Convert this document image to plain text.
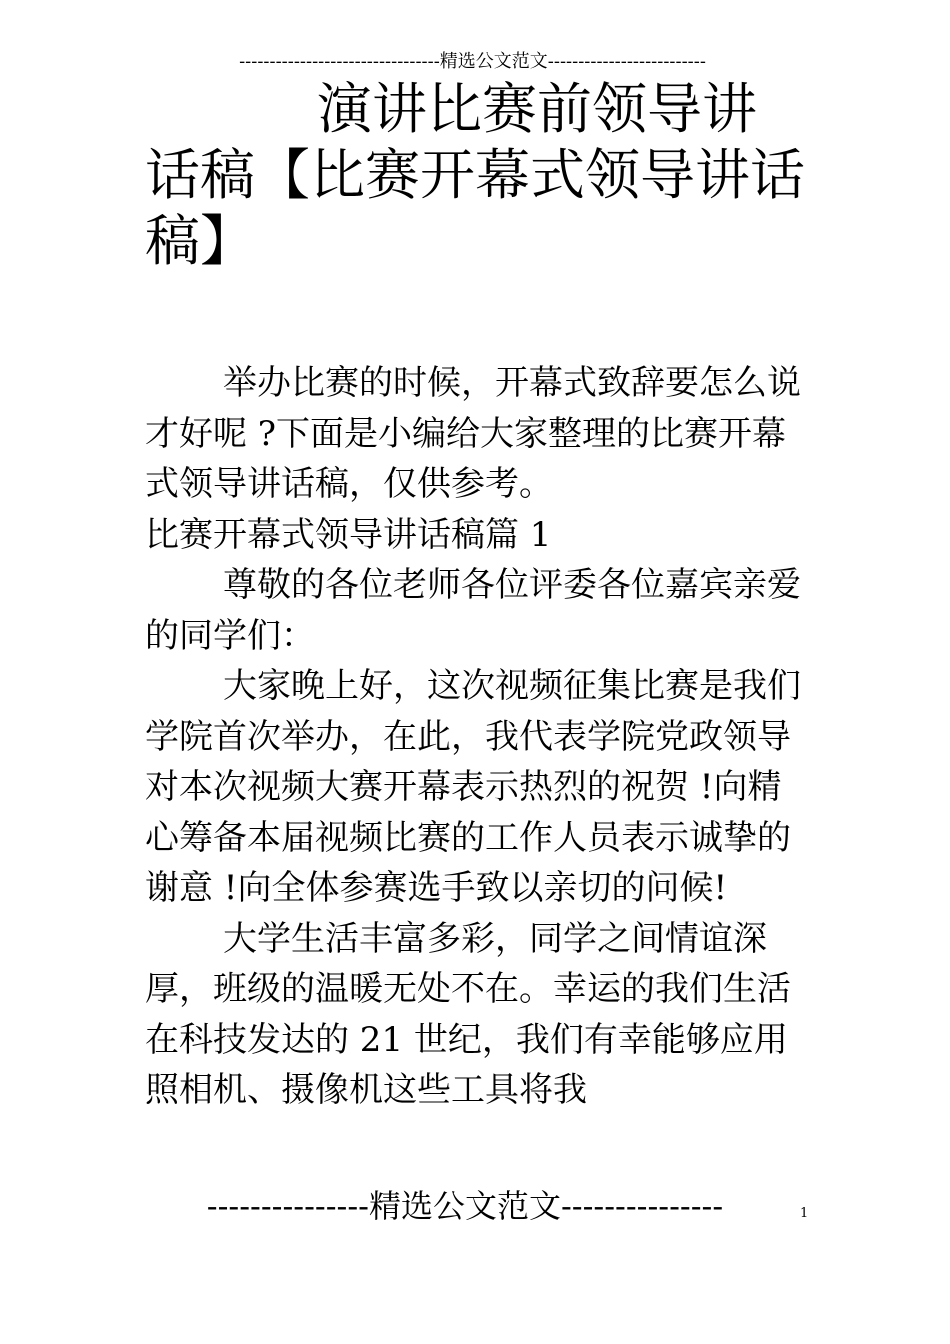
---------------------------------精选公文范文--------------------------
演讲比赛前领导讲话稿【比赛开幕式领导讲话稿】

举办比赛的时候，开幕式致辞要怎么说才好呢 ?下面是小编给大家整理的比赛开幕式领导讲话稿，仅供参考。

比赛开幕式领导讲话稿篇 1

尊敬的各位老师各位评委各位嘉宾亲爱的同学们：

大家晚上好，这次视频征集比赛是我们学院首次举办，在此，我代表学院党政领导对本次视频大赛开幕表示热烈的祝贺 !向精心筹备本届视频比赛的工作人员表示诚挚的谢意 !向全体参赛选手致以亲切的问候!

大学生活丰富多彩，同学之间情谊深厚，班级的温暖无处不在。幸运的我们生活在科技发达的 21 世纪，我们有幸能够应用照相机、摄像机这些工具将我

---------------精选公文范文---------------	1
